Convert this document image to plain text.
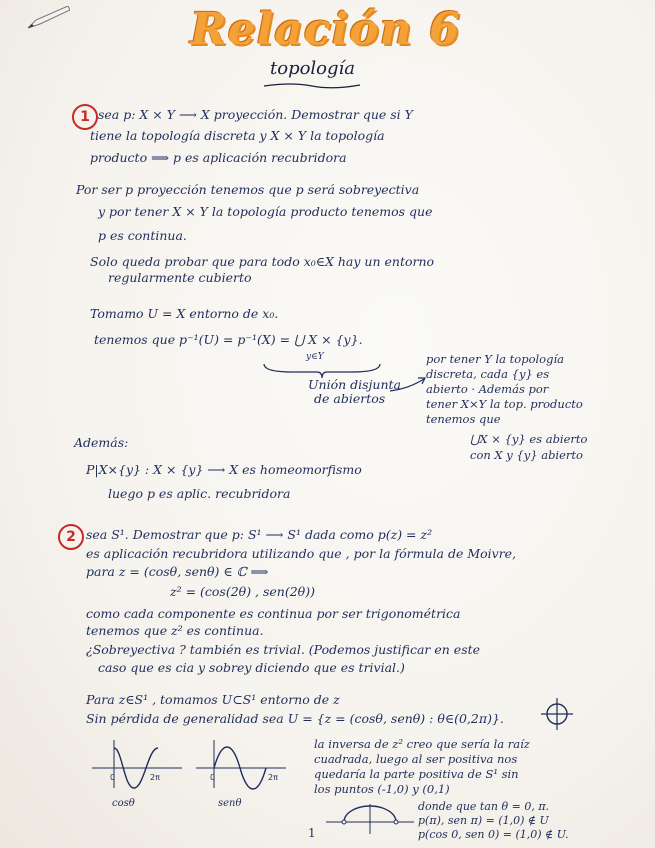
Relación 6
topología
1 sea p: X × Y ⟶ X proyección. Demostrar que si Y
tiene la topología discreta y X × Y la topología
producto ⟹ p es aplicación recubridora
Por ser p proyección tenemos que p será sobreyectiva
y por tener X × Y la topología producto tenemos que
p es continua.
Solo queda probar que para todo x₀∈X hay un entorno
regularmente cubierto
Tomamo U = X entorno de x₀.
tenemos que p⁻¹(U) = p⁻¹(X) = ⋃ X × {y}.
y∈Y
Unión disjunta
de abiertos
por tener Y la topología
discreta, cada {y} es
abierto · Además por
tener X×Y la top. producto
tenemos que
⋃X × {y} es abierto
con X y {y} abierto
Además:
P|X×{y} : X × {y} ⟶ X es homeomorfismo
luego p es aplic. recubridora
2 sea S¹. Demostrar que p: S¹ ⟶ S¹ dada como p(z) = z²
es aplicación recubridora utilizando que , por la fórmula de Moivre,
para z = (cosθ, senθ) ∈ ℂ ⟹
z² = (cos(2θ) , sen(2θ))
como cada componente es continua por ser trigonométrica
tenemos que z² es continua.
¿Sobreyectiva ? también es trivial. (Podemos justificar en este
caso que es cia y sobrey diciendo que es trivial.)
Para z∈S¹ , tomamos U⊂S¹ entorno de z
Sin pérdida de generalidad sea U = {z = (cosθ, senθ) : θ∈(0,2π)}.
0	2π
cosθ
0	2π
senθ
la inversa de z² creo que sería la raíz
cuadrada, luego al ser positiva nos
quedaría la parte positiva de S¹ sin
los puntos (-1,0) y (0,1)
donde que tan θ = 0, π.
p(π), sen π) = (1,0) ∉ U
p(cos 0, sen 0) = (1,0) ∉ U.
1
